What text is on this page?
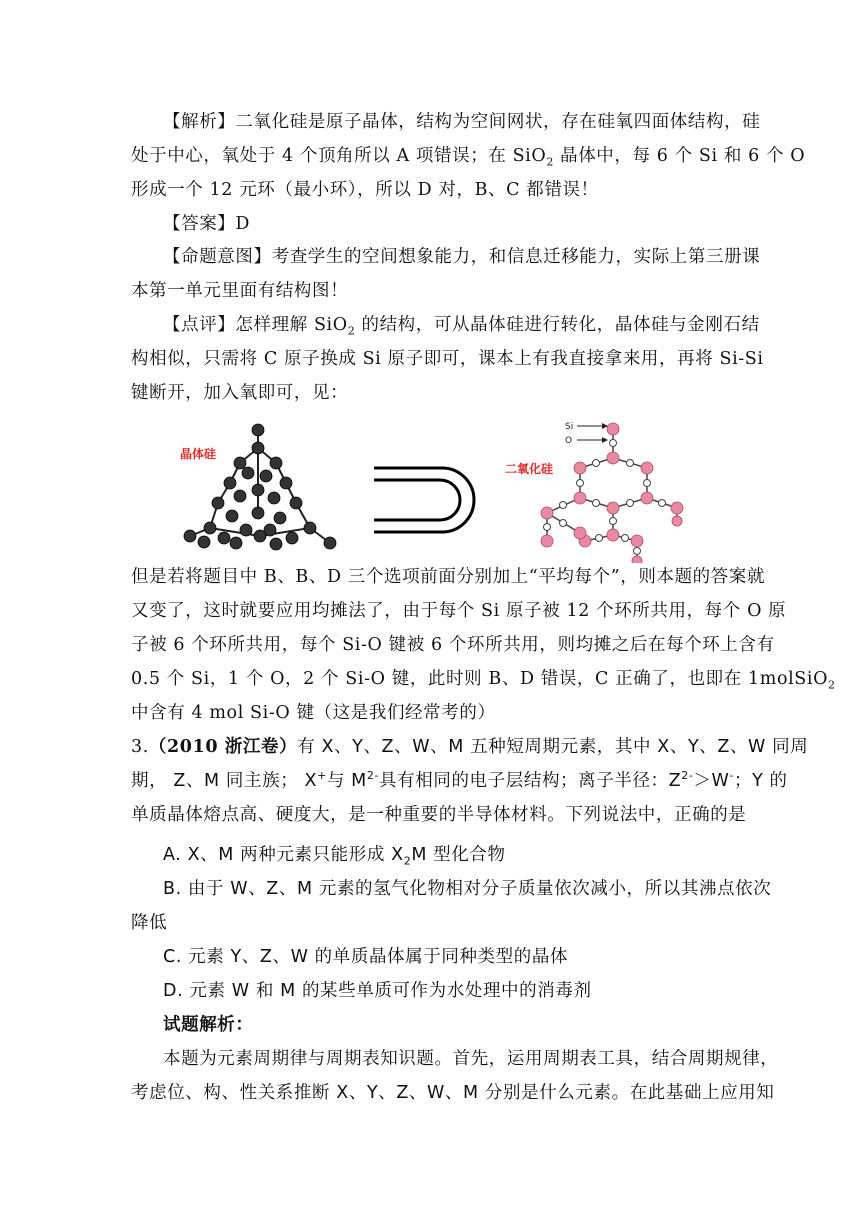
【解析】二氧化硅是原子晶体，结构为空间网状，存在硅氧四面体结构，硅
处于中心，氧处于 4 个顶角所以 A 项错误；在 SiO$_2$ 晶体中，每 6 个 Si 和 6 个 O
形成一个 12 元环（最小环），所以 D 对，B、C 都错误！
【答案】D
【命题意图】考查学生的空间想象能力，和信息迁移能力，实际上第三册课
本第一单元里面有结构图！
【点评】怎样理解 SiO$_2$ 的结构，可从晶体硅进行转化，晶体硅与金刚石结
构相似，只需将 C 原子换成 Si 原子即可，课本上有我直接拿来用，再将 Si-Si
键断开，加入氧即可，见：
晶体硅
二氧化硅
Si
O
但是若将题目中 B、B、D 三个选项前面分别加上“平均每个”，则本题的答案就
又变了，这时就要应用均摊法了，由于每个 Si 原子被 12 个环所共用，每个 O 原
子被 6 个环所共用，每个 Si-O 键被 6 个环所共用，则均摊之后在每个环上含有
0.5 个 Si，1 个 O，2 个 Si-O 键，此时则 B、D 错误，C 正确了，也即在 1molSiO$_2$
中含有 4 mol Si-O 键（这是我们经常考的）
3.（2010 浙江卷）有 X、Y、Z、W、M 五种短周期元素，其中 X、Y、Z、W 同周
期， Z、M 同主族； X+与 $M^{2-}$具有相同的电子层结构；离子半径：$Z^{2-}>W^-$；Y 的
单质晶体熔点高、硬度大，是一种重要的半导体材料。下列说法中，正确的是
A. X、M 两种元素只能形成 $X_2M$ 型化合物
B. 由于 W、Z、M 元素的氢气化物相对分子质量依次减小，所以其沸点依次
降低
C. 元素 Y、Z、W 的单质晶体属于同种类型的晶体
D. 元素 W 和 M 的某些单质可作为水处理中的消毒剂
试题解析：
本题为元素周期律与周期表知识题。首先，运用周期表工具，结合周期规律，
考虑位、构、性关系推断 X、Y、Z、W、M 分别是什么元素。在此基础上应用知
